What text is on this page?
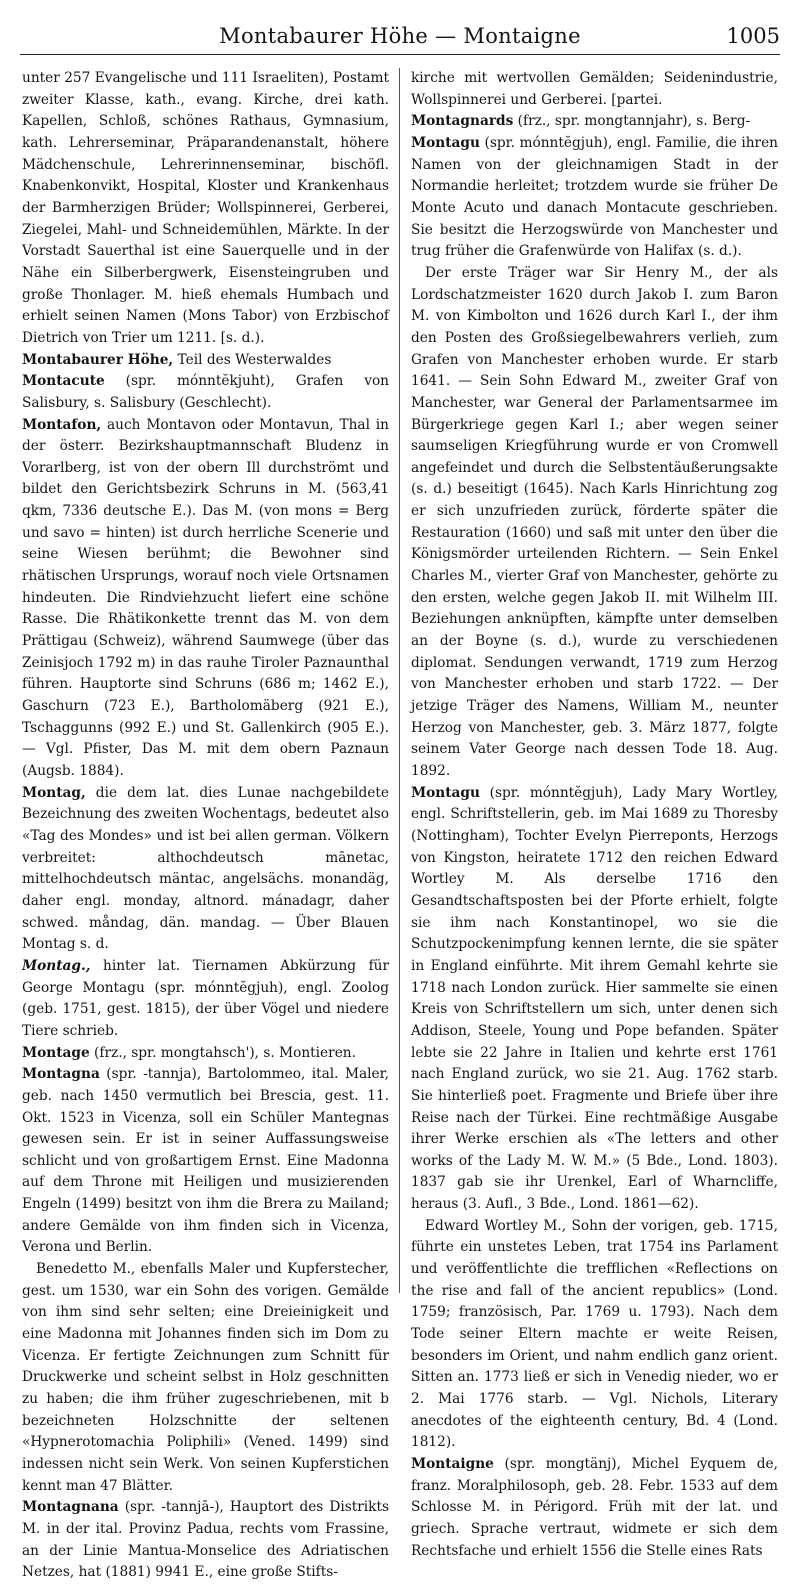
Montabaurer Höhe — Montaigne	1005

unter 257 Evangelische und 111 Israeliten), Postamt zweiter Klasse, kath., evang. Kirche, drei kath. Kapellen, Schloß, schönes Rathaus, Gymnasium, kath. Lehrerseminar, Präparandenanstalt, höhere Mädchenschule, Lehrerinnenseminar, bischöfl. Knabenkonvikt, Hospital, Kloster und Krankenhaus der Barmherzigen Brüder; Wollspinnerei, Gerberei, Ziegelei, Mahl- und Schneidemühlen, Märkte. In der Vorstadt Sauerthal ist eine Sauerquelle und in der Nähe ein Silberbergwerk, Eisensteingruben und große Thonlager. M. hieß ehemals Humbach und erhielt seinen Namen (Mons Tabor) von Erzbischof Dietrich von Trier um 1211. [s. d.).

Montabaurer Höhe, Teil des Westerwaldes

Montacute (spr. mónntĕkjuht), Grafen von Salisbury, s. Salisbury (Geschlecht).

Montafon, auch Montavon oder Montavun, Thal in der österr. Bezirkshauptmannschaft Bludenz in Vorarlberg, ist von der obern Ill durchströmt und bildet den Gerichtsbezirk Schruns in M. (563,41 qkm, 7336 deutsche E.). Das M. (von mons = Berg und savo = hinten) ist durch herrliche Scenerie und seine Wiesen berühmt; die Bewohner sind rhätischen Ursprungs, worauf noch viele Ortsnamen hindeuten. Die Rindviehzucht liefert eine schöne Rasse. Die Rhätikonkette trennt das M. von dem Prättigau (Schweiz), während Saumwege (über das Zeinisjoch 1792 m) in das rauhe Tiroler Paznaunthal führen. Hauptorte sind Schruns (686 m; 1462 E.), Gaschurn (723 E.), Bartholomäberg (921 E.), Tschaggunns (992 E.) und St. Gallenkirch (905 E.). — Vgl. Pfister, Das M. mit dem obern Paznaun (Augsb. 1884).

Montag, die dem lat. dies Lunae nachgebildete Bezeichnung des zweiten Wochentags, bedeutet also «Tag des Mondes» und ist bei allen german. Völkern verbreitet: althochdeutsch mānetac, mittelhochdeutsch mäntac, angelsächs. monandäg, daher engl. monday, altnord. mánadagr, daher schwed. måndag, dän. mandag. — Über Blauen Montag s. d.

Montag., hinter lat. Tiernamen Abkürzung für George Montagu (spr. mónntĕgjuh), engl. Zoolog (geb. 1751, gest. 1815), der über Vögel und niedere Tiere schrieb.

Montage (frz., spr. mongtahsch'), s. Montieren.

Montagna (spr. -tannja), Bartolommeo, ital. Maler, geb. nach 1450 vermutlich bei Brescia, gest. 11. Okt. 1523 in Vicenza, soll ein Schüler Mantegnas gewesen sein. Er ist in seiner Auffassungsweise schlicht und von großartigem Ernst. Eine Madonna auf dem Throne mit Heiligen und musizierenden Engeln (1499) besitzt von ihm die Brera zu Mailand; andere Gemälde von ihm finden sich in Vicenza, Verona und Berlin.

Benedetto M., ebenfalls Maler und Kupferstecher, gest. um 1530, war ein Sohn des vorigen. Gemälde von ihm sind sehr selten; eine Dreieinigkeit und eine Madonna mit Johannes finden sich im Dom zu Vicenza. Er fertigte Zeichnungen zum Schnitt für Druckwerke und scheint selbst in Holz geschnitten zu haben; die ihm früher zugeschriebenen, mit b bezeichneten Holzschnitte der seltenen «Hypnerotomachia Poliphili» (Vened. 1499) sind indessen nicht sein Werk. Von seinen Kupferstichen kennt man 47 Blätter.

Montagnana (spr. -tannjā-), Hauptort des Distrikts M. in der ital. Provinz Padua, rechts vom Frassine, an der Linie Mantua-Monselice des Adriatischen Netzes, hat (1881) 9941 E., eine große Stifts-

kirche mit wertvollen Gemälden; Seidenindustrie, Wollspinnerei und Gerberei. [partei.

Montagnards (frz., spr. mongtannjahr), s. Berg-

Montagu (spr. mónntĕgjuh), engl. Familie, die ihren Namen von der gleichnamigen Stadt in der Normandie herleitet; trotzdem wurde sie früher De Monte Acuto und danach Montacute geschrieben. Sie besitzt die Herzogswürde von Manchester und trug früher die Grafenwürde von Halifax (s. d.).

Der erste Träger war Sir Henry M., der als Lordschatzmeister 1620 durch Jakob I. zum Baron M. von Kimbolton und 1626 durch Karl I., der ihm den Posten des Großsiegelbewahrers verlieh, zum Grafen von Manchester erhoben wurde. Er starb 1641. — Sein Sohn Edward M., zweiter Graf von Manchester, war General der Parlamentsarmee im Bürgerkriege gegen Karl I.; aber wegen seiner saumseligen Kriegführung wurde er von Cromwell angefeindet und durch die Selbstentäußerungsakte (s. d.) beseitigt (1645). Nach Karls Hinrichtung zog er sich unzufrieden zurück, förderte später die Restauration (1660) und saß mit unter den über die Königsmörder urteilenden Richtern. — Sein Enkel Charles M., vierter Graf von Manchester, gehörte zu den ersten, welche gegen Jakob II. mit Wilhelm III. Beziehungen anknüpften, kämpfte unter demselben an der Boyne (s. d.), wurde zu verschiedenen diplomat. Sendungen verwandt, 1719 zum Herzog von Manchester erhoben und starb 1722. — Der jetzige Träger des Namens, William M., neunter Herzog von Manchester, geb. 3. März 1877, folgte seinem Vater George nach dessen Tode 18. Aug. 1892.

Montagu (spr. mónntĕgjuh), Lady Mary Wortley, engl. Schriftstellerin, geb. im Mai 1689 zu Thoresby (Nottingham), Tochter Evelyn Pierreponts, Herzogs von Kingston, heiratete 1712 den reichen Edward Wortley M. Als derselbe 1716 den Gesandtschaftsposten bei der Pforte erhielt, folgte sie ihm nach Konstantinopel, wo sie die Schutzpockenimpfung kennen lernte, die sie später in England einführte. Mit ihrem Gemahl kehrte sie 1718 nach London zurück. Hier sammelte sie einen Kreis von Schriftstellern um sich, unter denen sich Addison, Steele, Young und Pope befanden. Später lebte sie 22 Jahre in Italien und kehrte erst 1761 nach England zurück, wo sie 21. Aug. 1762 starb. Sie hinterließ poet. Fragmente und Briefe über ihre Reise nach der Türkei. Eine rechtmäßige Ausgabe ihrer Werke erschien als «The letters and other works of the Lady M. W. M.» (5 Bde., Lond. 1803). 1837 gab sie ihr Urenkel, Earl of Wharncliffe, heraus (3. Aufl., 3 Bde., Lond. 1861—62).

Edward Wortley M., Sohn der vorigen, geb. 1715, führte ein unstetes Leben, trat 1754 ins Parlament und veröffentlichte die trefflichen «Reflections on the rise and fall of the ancient republics» (Lond. 1759; französisch, Par. 1769 u. 1793). Nach dem Tode seiner Eltern machte er weite Reisen, besonders im Orient, und nahm endlich ganz orient. Sitten an. 1773 ließ er sich in Venedig nieder, wo er 2. Mai 1776 starb. — Vgl. Nichols, Literary anecdotes of the eighteenth century, Bd. 4 (Lond. 1812).

Montaigne (spr. mongtänj), Michel Eyquem de, franz. Moralphilosoph, geb. 28. Febr. 1533 auf dem Schlosse M. in Périgord. Früh mit der lat. und griech. Sprache vertraut, widmete er sich dem Rechtsfache und erhielt 1556 die Stelle eines Rats
